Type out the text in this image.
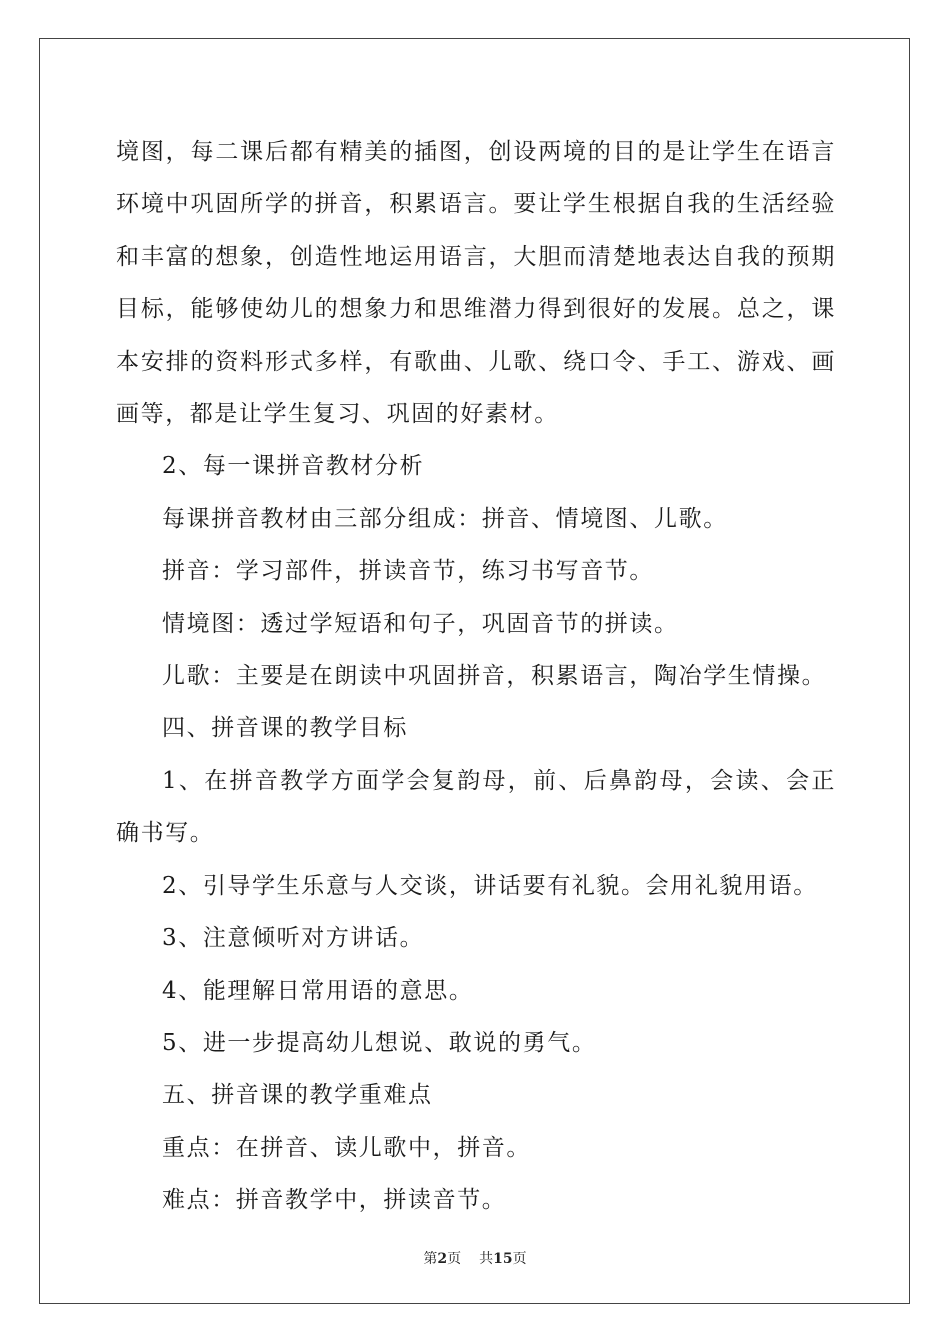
境图，每二课后都有精美的插图，创设两境的目的是让学生在语言环境中巩固所学的拼音，积累语言。要让学生根据自我的生活经验和丰富的想象，创造性地运用语言，大胆而清楚地表达自我的预期目标，能够使幼儿的想象力和思维潜力得到很好的发展。总之，课本安排的资料形式多样，有歌曲、儿歌、绕口令、手工、游戏、画画等，都是让学生复习、巩固的好素材。

2、每一课拼音教材分析

每课拼音教材由三部分组成：拼音、情境图、儿歌。

拼音：学习部件，拼读音节，练习书写音节。

情境图：透过学短语和句子，巩固音节的拼读。

儿歌：主要是在朗读中巩固拼音，积累语言，陶冶学生情操。

四、拼音课的教学目标

1、在拼音教学方面学会复韵母，前、后鼻韵母，会读、会正确书写。

2、引导学生乐意与人交谈，讲话要有礼貌。会用礼貌用语。

3、注意倾听对方讲话。

4、能理解日常用语的意思。

5、进一步提高幼儿想说、敢说的勇气。

五、拼音课的教学重难点

重点：在拼音、读儿歌中，拼音。

难点：拼音教学中，拼读音节。

第2页 共15页
